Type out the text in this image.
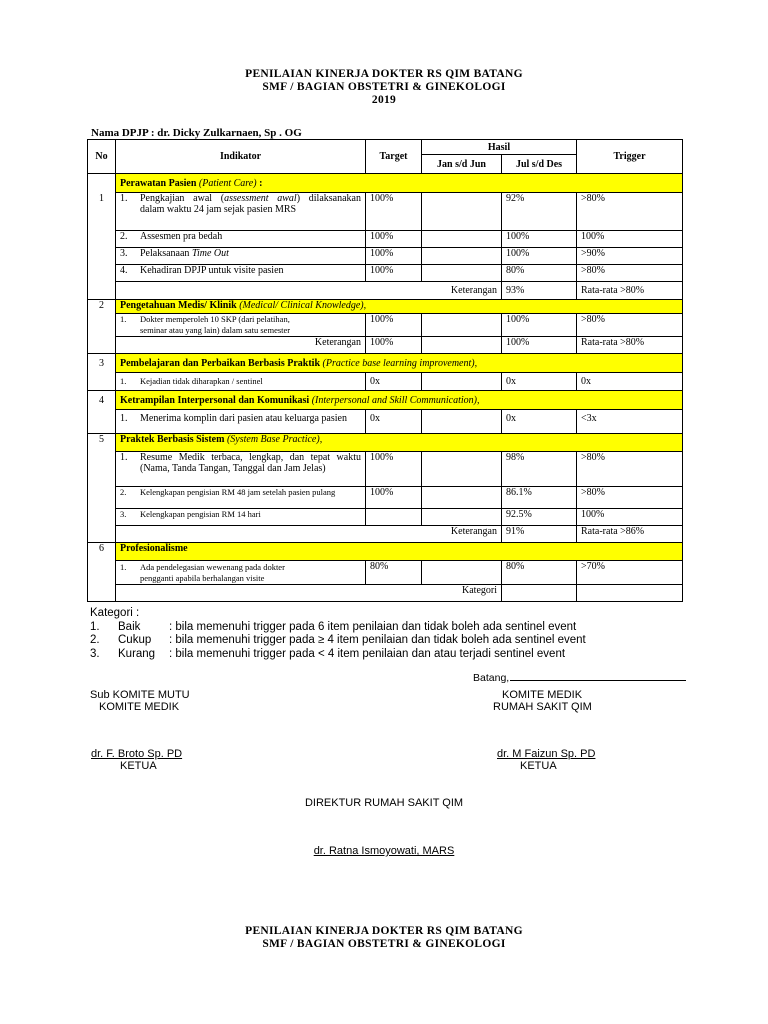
PENILAIAN KINERJA DOKTER RS QIM BATANG
SMF / BAGIAN OBSTETRI & GINEKOLOGI
2019
Nama DPJP : dr. Dicky Zulkarnaen, Sp . OG
No	Indikator	Target	Hasil		Trigger
			Jan s/d Jun	Jul s/d Des	
	Perawatan Pasien (Patient Care) :				
1	1. Pengkajian awal (assessment awal) dilaksanakan dalam waktu 24 jam sejak pasien MRS	100%		92%	>80%

	2. Assesmen pra bedah	100%		100%	100%

	3. Pelaksanaan Time Out	100%		100%	>90%

	4. Kehadiran DPJP untuk visite pasien	100%		80%	>80%
	Keterangan			93%	Rata-rata >80%
2	Pengetahuan Medis/ Klinik (Medical/ Clinical Knowledge),				

	1. Dokter memperoleh 10 SKP (dari pelatihan,
seminar atau yang lain) dalam satu semester	100%		100%	>80%
	Keterangan	100%		100%	Rata-rata >80%
3	Pembelajaran dan Perbaikan Berbasis Praktik (Practice base learning improvement),				

	1. Kejadian tidak diharapkan / sentinel	0x		0x	0x
4	Ketrampilan Interpersonal dan Komunikasi (Interpersonal and Skill Communication),				

	1. Menerima komplin dari pasien atau keluarga pasien	0x		0x	<3x
5	Praktek Berbasis Sistem (System Base Practice),				

	1. Resume Medik terbaca, lengkap, dan tepat waktu (Nama, Tanda Tangan, Tanggal dan Jam Jelas)	100%		98%	>80%

	2. Kelengkapan pengisian RM 48 jam setelah pasien pulang	100%		86.1%	>80%

	3. Kelengkapan pengisian RM 14 hari			92.5%	100%
	Keterangan			91%	Rata-rata >86%
6	Profesionalisme				

	1. Ada pendelegasian wewenang pada dokter
pengganti apabila berhalangan visite	80%		80%	>70%
	Kategori				
Kategori :
1.	Baik	: bila memenuhi trigger pada 6 item penilaian dan tidak boleh ada sentinel event
2.	Cukup	: bila memenuhi trigger pada ≥ 4 item penilaian dan tidak boleh ada sentinel event
3.	Kurang	: bila memenuhi trigger pada < 4 item penilaian dan atau terjadi sentinel event
Batang,
Sub KOMITE MUTU
KOMITE MEDIK
KOMITE MEDIK
RUMAH SAKIT QIM
dr. F. Broto Sp. PD
KETUA
dr. M Faizun Sp. PD
KETUA
DIREKTUR RUMAH SAKIT QIM
dr. Ratna Ismoyowati, MARS
PENILAIAN KINERJA DOKTER RS QIM BATANG
SMF / BAGIAN OBSTETRI & GINEKOLOGI
